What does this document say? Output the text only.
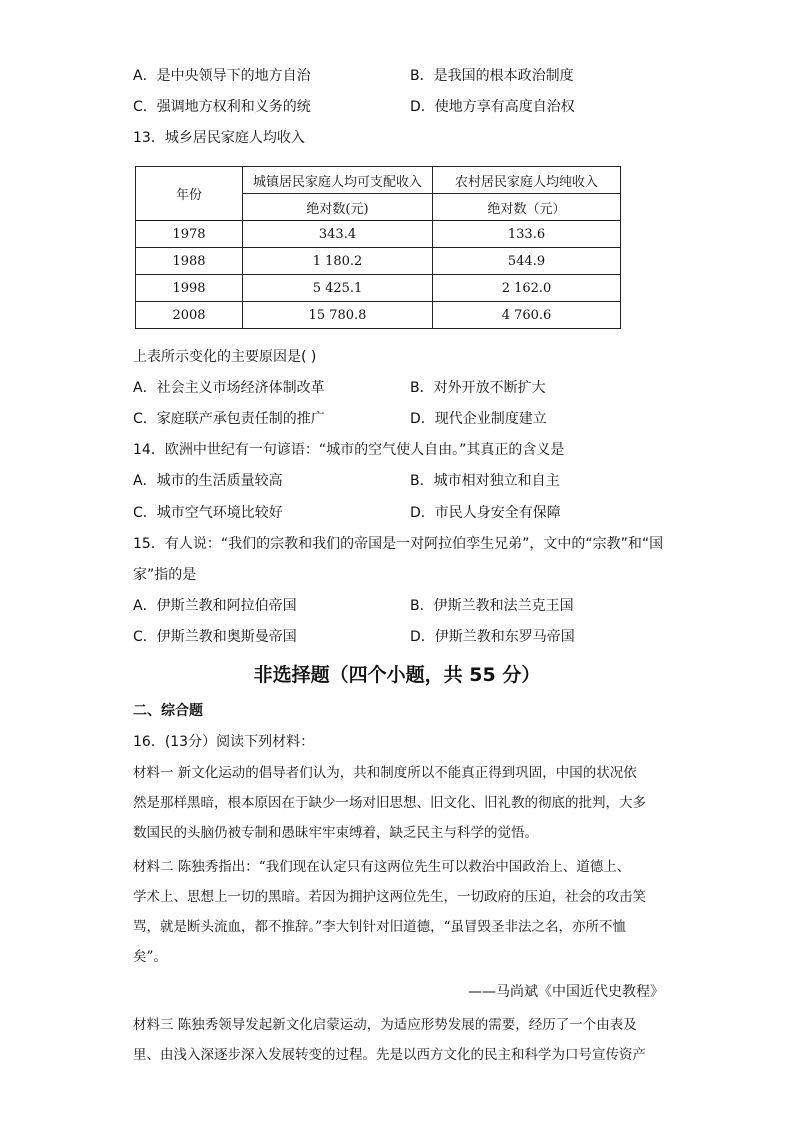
A．是中央领导下的地方自治	B．是我国的根本政治制度
C．强调地方权利和义务的统	D．使地方享有高度自治权
13．城乡居民家庭人均收入
年份	城镇居民家庭人均可支配收入	农村居民家庭人均纯收入
	绝对数(元)	绝对数（元）
1978	343.4	133.6
1988	1 180.2	544.9
1998	5 425.1	2 162.0
2008	15 780.8	4 760.6
上表所示变化的主要原因是( )
A．社会主义市场经济体制改革	B．对外开放不断扩大
C．家庭联产承包责任制的推广	D．现代企业制度建立
14．欧洲中世纪有一句谚语：“城市的空气使人自由。”其真正的含义是
A．城市的生活质量较高	B．城市相对独立和自主
C．城市空气环境比较好	D．市民人身安全有保障
15．有人说：“我们的宗教和我们的帝国是一对阿拉伯孪生兄弟”，文中的“宗教”和“国
家”指的是
A．伊斯兰教和阿拉伯帝国	B．伊斯兰教和法兰克王国
C．伊斯兰教和奥斯曼帝国	D．伊斯兰教和东罗马帝国
非选择题（四个小题，共 55 分）
二、综合题
16．(13分）阅读下列材料：
材料一 新文化运动的倡导者们认为，共和制度所以不能真正得到巩固，中国的状况依
然是那样黑暗，根本原因在于缺少一场对旧思想、旧文化、旧礼教的彻底的批判，大多
数国民的头脑仍被专制和愚昧牢牢束缚着，缺乏民主与科学的觉悟。
材料二 陈独秀指出：“我们现在认定只有这两位先生可以救治中国政治上、道德上、
学术上、思想上一切的黑暗。若因为拥护这两位先生，一切政府的压迫，社会的攻击笑
骂，就是断头流血，都不推辞。”李大钊针对旧道德，“虽冒毁圣非法之名，亦所不恤
矣”。
——马尚斌《中国近代史教程》
材料三 陈独秀领导发起新文化启蒙运动，为适应形势发展的需要，经历了一个由表及
里、由浅入深逐步深入发展转变的过程。先是以西方文化的民主和科学为口号宣传资产
